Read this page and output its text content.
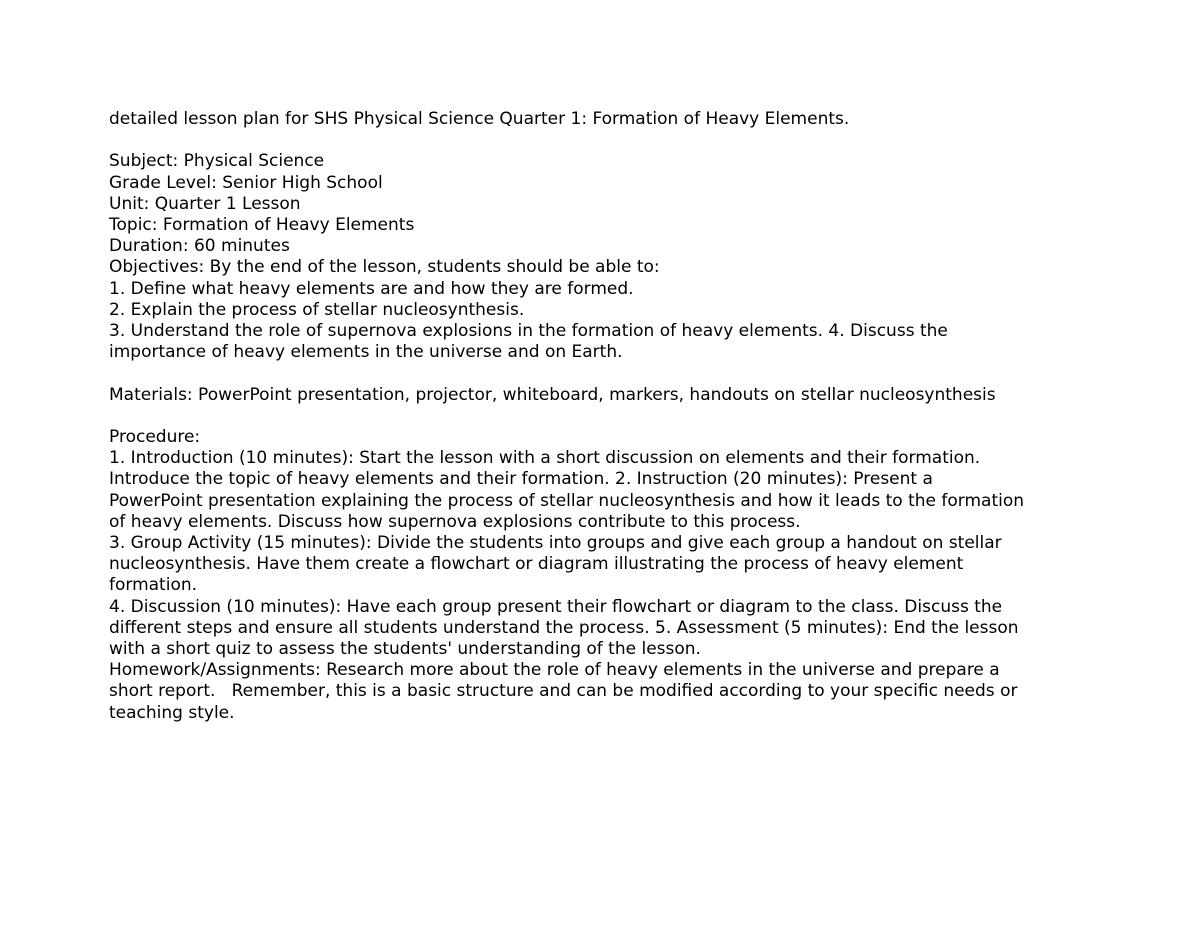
detailed lesson plan for SHS Physical Science Quarter 1: Formation of Heavy Elements.
Subject: Physical Science
Grade Level: Senior High School
Unit: Quarter 1 Lesson
Topic: Formation of Heavy Elements
Duration: 60 minutes
Objectives: By the end of the lesson, students should be able to:
1. Define what heavy elements are and how they are formed.
2. Explain the process of stellar nucleosynthesis.
3. Understand the role of supernova explosions in the formation of heavy elements. 4. Discuss the
importance of heavy elements in the universe and on Earth.
Materials: PowerPoint presentation, projector, whiteboard, markers, handouts on stellar nucleosynthesis
Procedure:
1. Introduction (10 minutes): Start the lesson with a short discussion on elements and their formation.
Introduce the topic of heavy elements and their formation. 2. Instruction (20 minutes): Present a
PowerPoint presentation explaining the process of stellar nucleosynthesis and how it leads to the formation
of heavy elements. Discuss how supernova explosions contribute to this process.
3. Group Activity (15 minutes): Divide the students into groups and give each group a handout on stellar
nucleosynthesis. Have them create a flowchart or diagram illustrating the process of heavy element
formation.
4. Discussion (10 minutes): Have each group present their flowchart or diagram to the class. Discuss the
different steps and ensure all students understand the process. 5. Assessment (5 minutes): End the lesson
with a short quiz to assess the students' understanding of the lesson.
Homework/Assignments: Research more about the role of heavy elements in the universe and prepare a
short report.   Remember, this is a basic structure and can be modified according to your specific needs or
teaching style.
